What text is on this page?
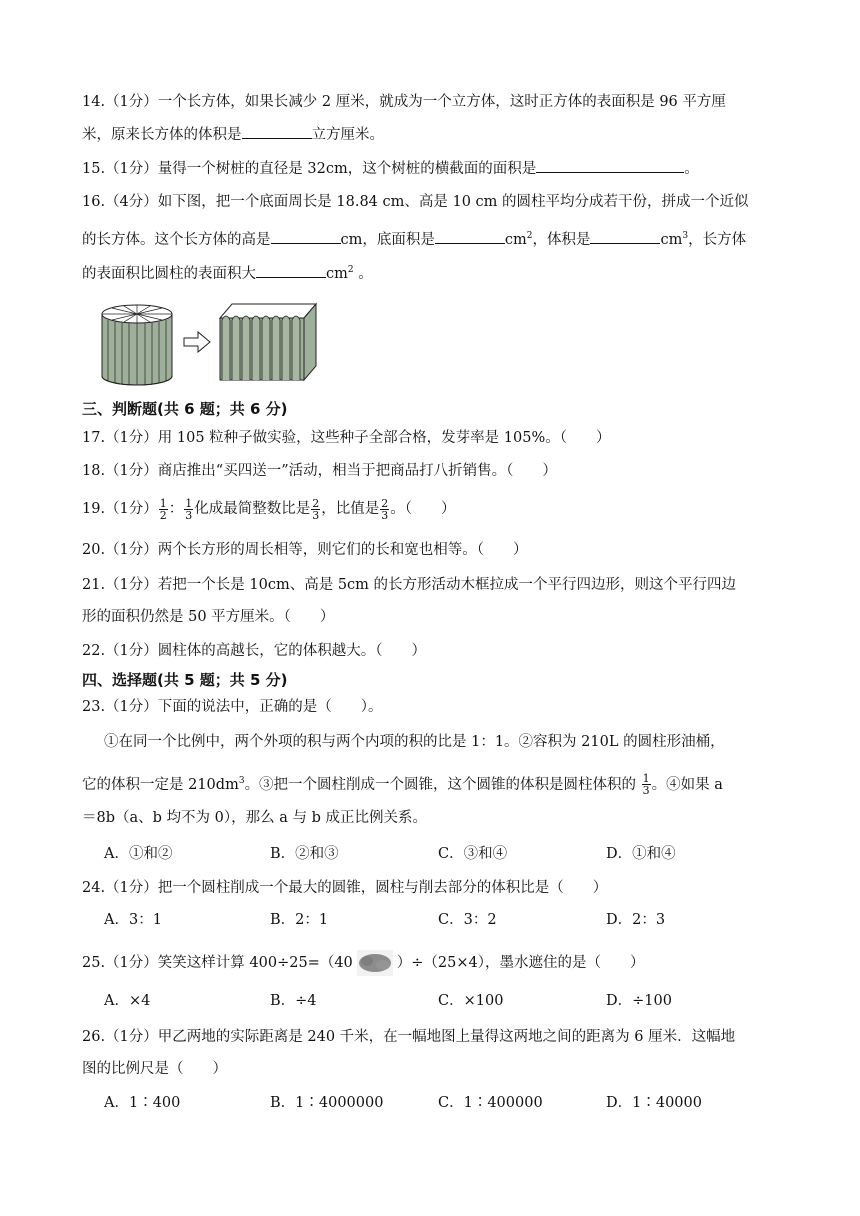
14.（1分）一个长方体，如果长减少 2 厘米，就成为一个立方体，这时正方体的表面积是 96 平方厘
米，原来长方体的体积是	立方厘米。
15.（1分）量得一个树桩的直径是 32cm，这个树桩的横截面的面积是	。
16.（4分）如下图，把一个底面周长是 18.84 cm、高是 10 cm 的圆柱平均分成若干份，拼成一个近似
的长方体。这个长方体的高是	cm，底面积是	$cm^2$，体积是	$cm^3$，长方体
的表面积比圆柱的表面积大	$cm^2$ 。
三、判断题(共 6 题；共 6 分)
17.（1分）用 105 粒种子做实验，这些种子全部合格，发芽率是 105%。（　　）
18.（1分）商店推出“买四送一”活动，相当于把商品打八折销售。（　　）
19.（1分） $\frac{1}{2}$ ： $\frac{1}{3}$ 化成最简整数比是 $\frac{2}{3}$ ，比值是 $\frac{2}{3}$ 。（　　）
20.（1分）两个长方形的周长相等，则它们的长和宽也相等。（　　）
21.（1分）若把一个长是 10cm、高是 5cm 的长方形活动木框拉成一个平行四边形，则这个平行四边
形的面积仍然是 50 平方厘米。（　　）
22.（1分）圆柱体的高越长，它的体积越大。（　　）
四、选择题(共 5 题；共 5 分)
23.（1分）下面的说法中，正确的是（　　）。
①在同一个比例中，两个外项的积与两个内项的积的比是 1：1。②容积为 210L 的圆柱形油桶，
它的体积一定是 $210dm^3$。③把一个圆柱削成一个圆锥，这个圆锥的体积是圆柱体积的 $\frac{1}{3}$ 。④如果 a
＝8b（a、b 均不为 0），那么 a 与 b 成正比例关系。
A．①和②	B．②和③	C．③和④	D．①和④
24.（1分）把一个圆柱削成一个最大的圆锥，圆柱与削去部分的体积比是（　　）
A．3：1	B．2：1	C．3：2	D．2：3
25.（1分）笑笑这样计算 400÷25=（40	）÷（25×4），墨水遮住的是（　　）
A．×4	B．÷4	C．×100	D．÷100
26.（1分）甲乙两地的实际距离是 240 千米，在一幅地图上量得这两地之间的距离为 6 厘米．这幅地
图的比例尺是（　　）
A．1∶400	B．1∶4000000	C．1∶400000	D．1∶40000
